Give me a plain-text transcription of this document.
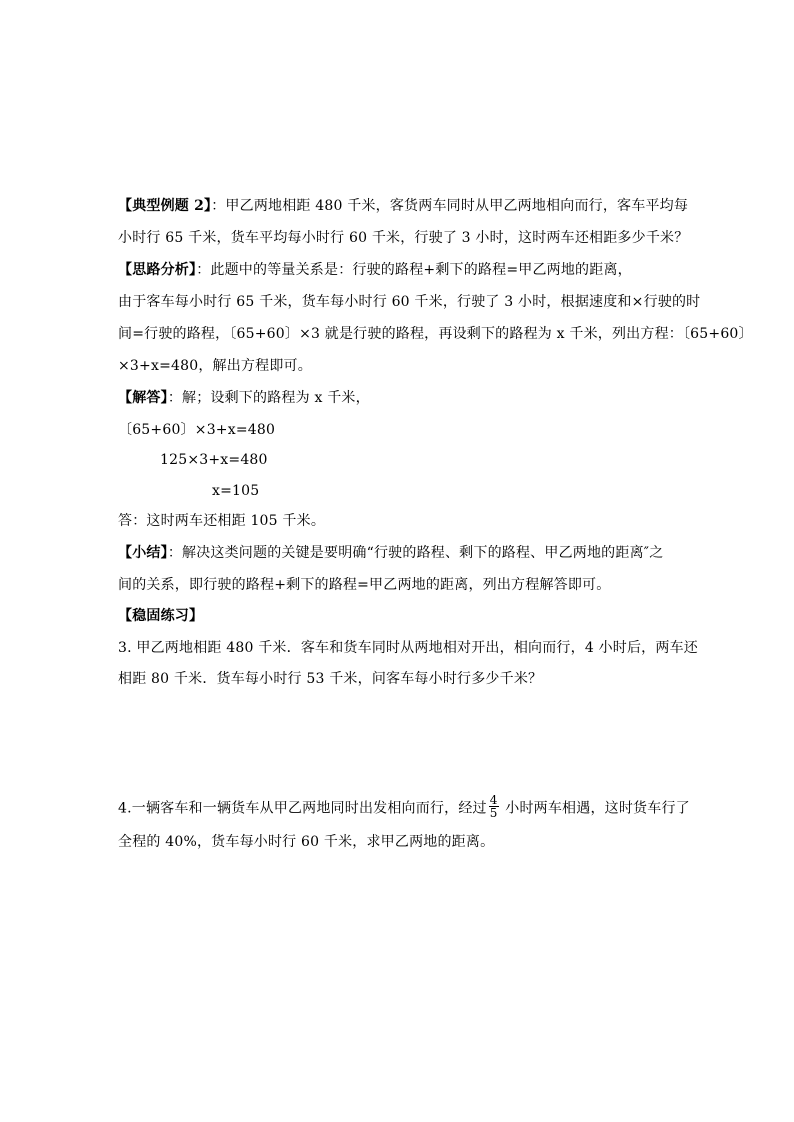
【典型例题 2】：甲乙两地相距 480 千米，客货两车同时从甲乙两地相向而行，客车平均每
小时行 65 千米，货车平均每小时行 60 千米，行驶了 3 小时，这时两车还相距多少千米？
【思路分析】：此题中的等量关系是：行驶的路程+剩下的路程=甲乙两地的距离，
由于客车每小时行 65 千米，货车每小时行 60 千米，行驶了 3 小时，根据速度和×行驶的时
间=行驶的路程，〔65+60〕×3 就是行驶的路程，再设剩下的路程为 x 千米，列出方程：〔65+60〕
×3+x=480，解出方程即可。
【解答】：解；设剩下的路程为 x 千米，
〔65+60〕×3+x=480
125×3+x=480
x=105
答：这时两车还相距 105 千米。
【小结】：解决这类问题的关键是要明确“行驶的路程、剩下的路程、甲乙两地的距离″之
间的关系，即行驶的路程+剩下的路程=甲乙两地的距离，列出方程解答即可。
【稳固练习】
3. 甲乙两地相距 480 千米．客车和货车同时从两地相对开出，相向而行，4 小时后，两车还
相距 80 千米．货车每小时行 53 千米，问客车每小时行多少千米？
4.一辆客车和一辆货车从甲乙两地同时出发相向而行，经过 $\frac{4}{5}$ 小时两车相遇，这时货车行了
全程的 40%，货车每小时行 60 千米，求甲乙两地的距离。
